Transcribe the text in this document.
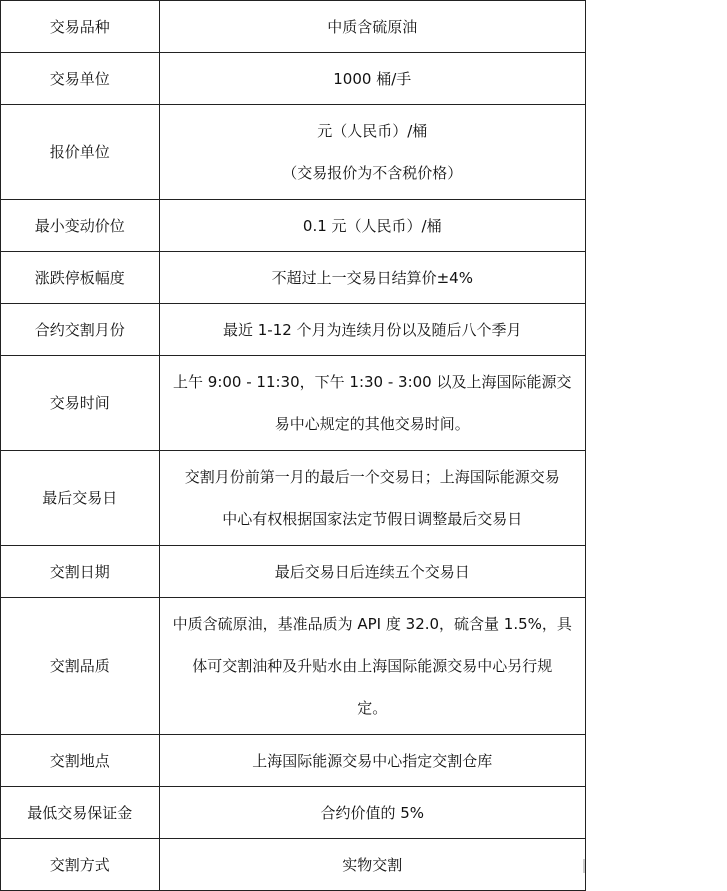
交易品种	中质含硫原油

交易单位	1000 桶/手

报价单位	元（人民币）/桶
（交易报价为不含税价格）

最小变动价位	0.1 元（人民币）/桶

涨跌停板幅度	不超过上一交易日结算价±4%

合约交割月份	最近 1-12 个月为连续月份以及随后八个季月

交易时间	上午 9:00 - 11:30，下午 1:30 - 3:00 以及上海国际能源交
易中心规定的其他交易时间。

最后交易日	交割月份前第一月的最后一个交易日；上海国际能源交易
中心有权根据国家法定节假日调整最后交易日

交割日期	最后交易日后连续五个交易日

交割品质	中质含硫原油，基准品质为 API 度 32.0，硫含量 1.5%，具
体可交割油种及升贴水由上海国际能源交易中心另行规
定。

交割地点	上海国际能源交易中心指定交割仓库

最低交易保证金	合约价值的 5%

交割方式	实物交割
